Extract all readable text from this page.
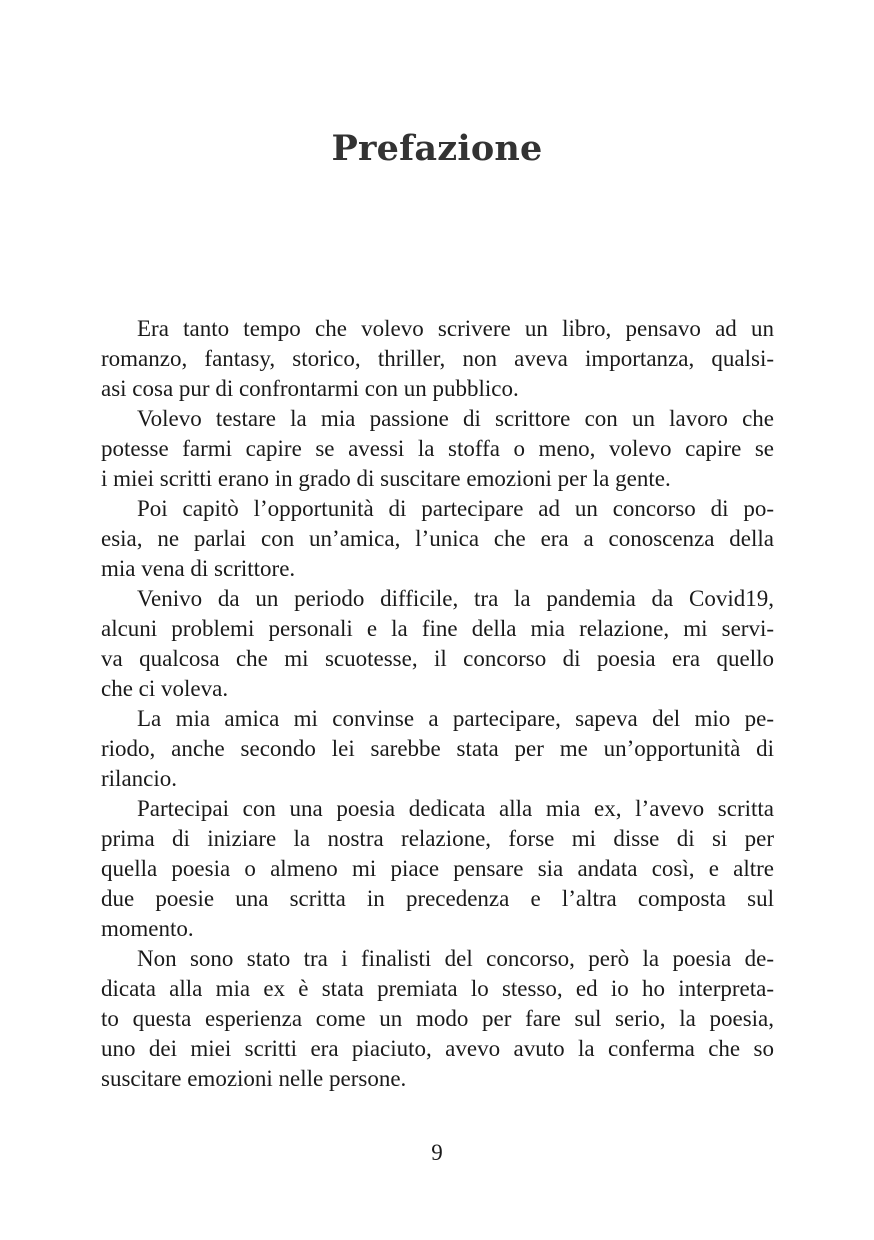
Prefazione
Era tanto tempo che volevo scrivere un libro, pensavo ad un
romanzo, fantasy, storico, thriller, non aveva importanza, qualsi-
asi cosa pur di confrontarmi con un pubblico.
Volevo testare la mia passione di scrittore con un lavoro che
potesse farmi capire se avessi la stoffa o meno, volevo capire se
i miei scritti erano in grado di suscitare emozioni per la gente.
Poi capitò l’opportunità di partecipare ad un concorso di po-
esia, ne parlai con un’amica, l’unica che era a conoscenza della
mia vena di scrittore.
Venivo da un periodo difficile, tra la pandemia da Covid19,
alcuni problemi personali e la fine della mia relazione, mi servi-
va qualcosa che mi scuotesse, il concorso di poesia era quello
che ci voleva.
La mia amica mi convinse a partecipare, sapeva del mio pe-
riodo, anche secondo lei sarebbe stata per me un’opportunità di
rilancio.
Partecipai con una poesia dedicata alla mia ex, l’avevo scritta
prima di iniziare la nostra relazione, forse mi disse di si per
quella poesia o almeno mi piace pensare sia andata così, e altre
due poesie una scritta in precedenza e l’altra composta sul
momento.
Non sono stato tra i finalisti del concorso, però la poesia de-
dicata alla mia ex è stata premiata lo stesso, ed io ho interpreta-
to questa esperienza come un modo per fare sul serio, la poesia,
uno dei miei scritti era piaciuto, avevo avuto la conferma che so
suscitare emozioni nelle persone.
9
